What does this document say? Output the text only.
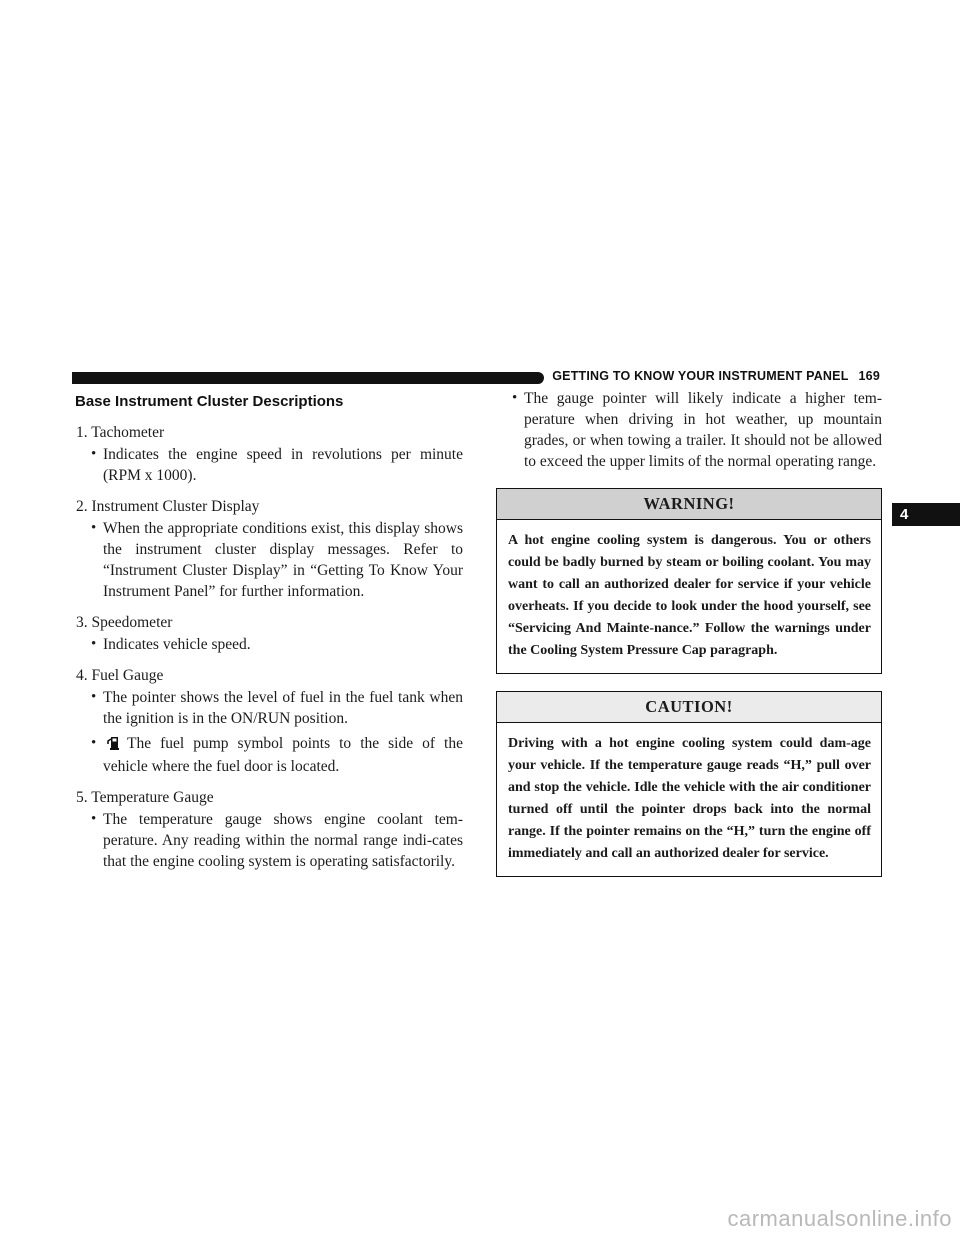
GETTING TO KNOW YOUR INSTRUMENT PANEL 169
4
Base Instrument Cluster Descriptions
1. Tachometer
• Indicates the engine speed in revolutions per minute (RPM x 1000).
2. Instrument Cluster Display
• When the appropriate conditions exist, this display shows the instrument cluster display messages. Refer to “Instrument Cluster Display” in “Getting To Know Your Instrument Panel” for further information.
3. Speedometer
• Indicates vehicle speed.
4. Fuel Gauge
• The pointer shows the level of fuel in the fuel tank when the ignition is in the ON/RUN position.
• The fuel pump symbol points to the side of the vehicle where the fuel door is located.
5. Temperature Gauge
• The temperature gauge shows engine coolant tem-perature. Any reading within the normal range indi-cates that the engine cooling system is operating satisfactorily.
• The gauge pointer will likely indicate a higher tem-perature when driving in hot weather, up mountain grades, or when towing a trailer. It should not be allowed to exceed the upper limits of the normal operating range.
WARNING!
A hot engine cooling system is dangerous. You or others could be badly burned by steam or boiling coolant. You may want to call an authorized dealer for service if your vehicle overheats. If you decide to look under the hood yourself, see “Servicing And Mainte-nance.” Follow the warnings under the Cooling System Pressure Cap paragraph.
CAUTION!
Driving with a hot engine cooling system could dam-age your vehicle. If the temperature gauge reads “H,” pull over and stop the vehicle. Idle the vehicle with the air conditioner turned off until the pointer drops back into the normal range. If the pointer remains on the “H,” turn the engine off immediately and call an authorized dealer for service.
carmanualsonline.info
